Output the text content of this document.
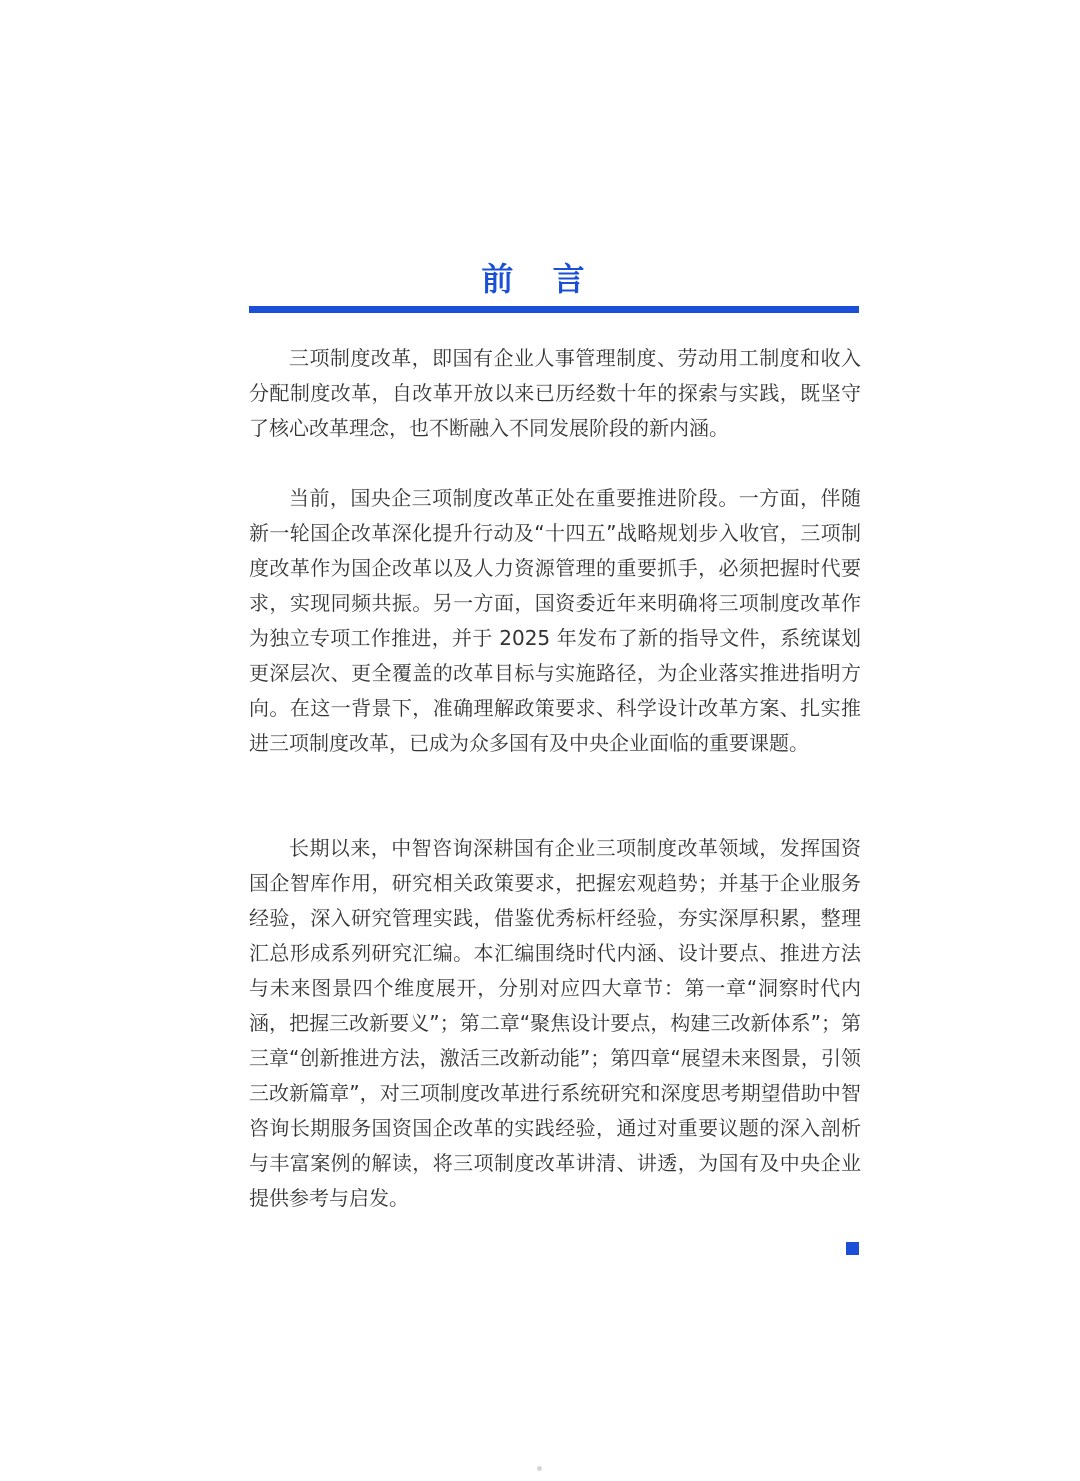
前 言

三项制度改革，即国有企业人事管理制度、劳动用工制度和收入分配制度改革，自改革开放以来已历经数十年的探索与实践，既坚守了核心改革理念，也不断融入不同发展阶段的新内涵。

当前，国央企三项制度改革正处在重要推进阶段。一方面，伴随新一轮国企改革深化提升行动及“十四五”战略规划步入收官，三项制度改革作为国企改革以及人力资源管理的重要抓手，必须把握时代要求，实现同频共振。另一方面，国资委近年来明确将三项制度改革作为独立专项工作推进，并于 2025 年发布了新的指导文件，系统谋划更深层次、更全覆盖的改革目标与实施路径，为企业落实推进指明方向。在这一背景下，准确理解政策要求、科学设计改革方案、扎实推进三项制度改革，已成为众多国有及中央企业面临的重要课题。

长期以来，中智咨询深耕国有企业三项制度改革领域，发挥国资国企智库作用，研究相关政策要求，把握宏观趋势；并基于企业服务经验，深入研究管理实践，借鉴优秀标杆经验，夯实深厚积累，整理汇总形成系列研究汇编。本汇编围绕时代内涵、设计要点、推进方法与未来图景四个维度展开，分别对应四大章节：第一章“洞察时代内涵，把握三改新要义”；第二章“聚焦设计要点，构建三改新体系”；第三章“创新推进方法，激活三改新动能”；第四章“展望未来图景，引领三改新篇章”，对三项制度改革进行系统研究和深度思考期望借助中智咨询长期服务国资国企改革的实践经验，通过对重要议题的深入剖析与丰富案例的解读，将三项制度改革讲清、讲透，为国有及中央企业提供参考与启发。
